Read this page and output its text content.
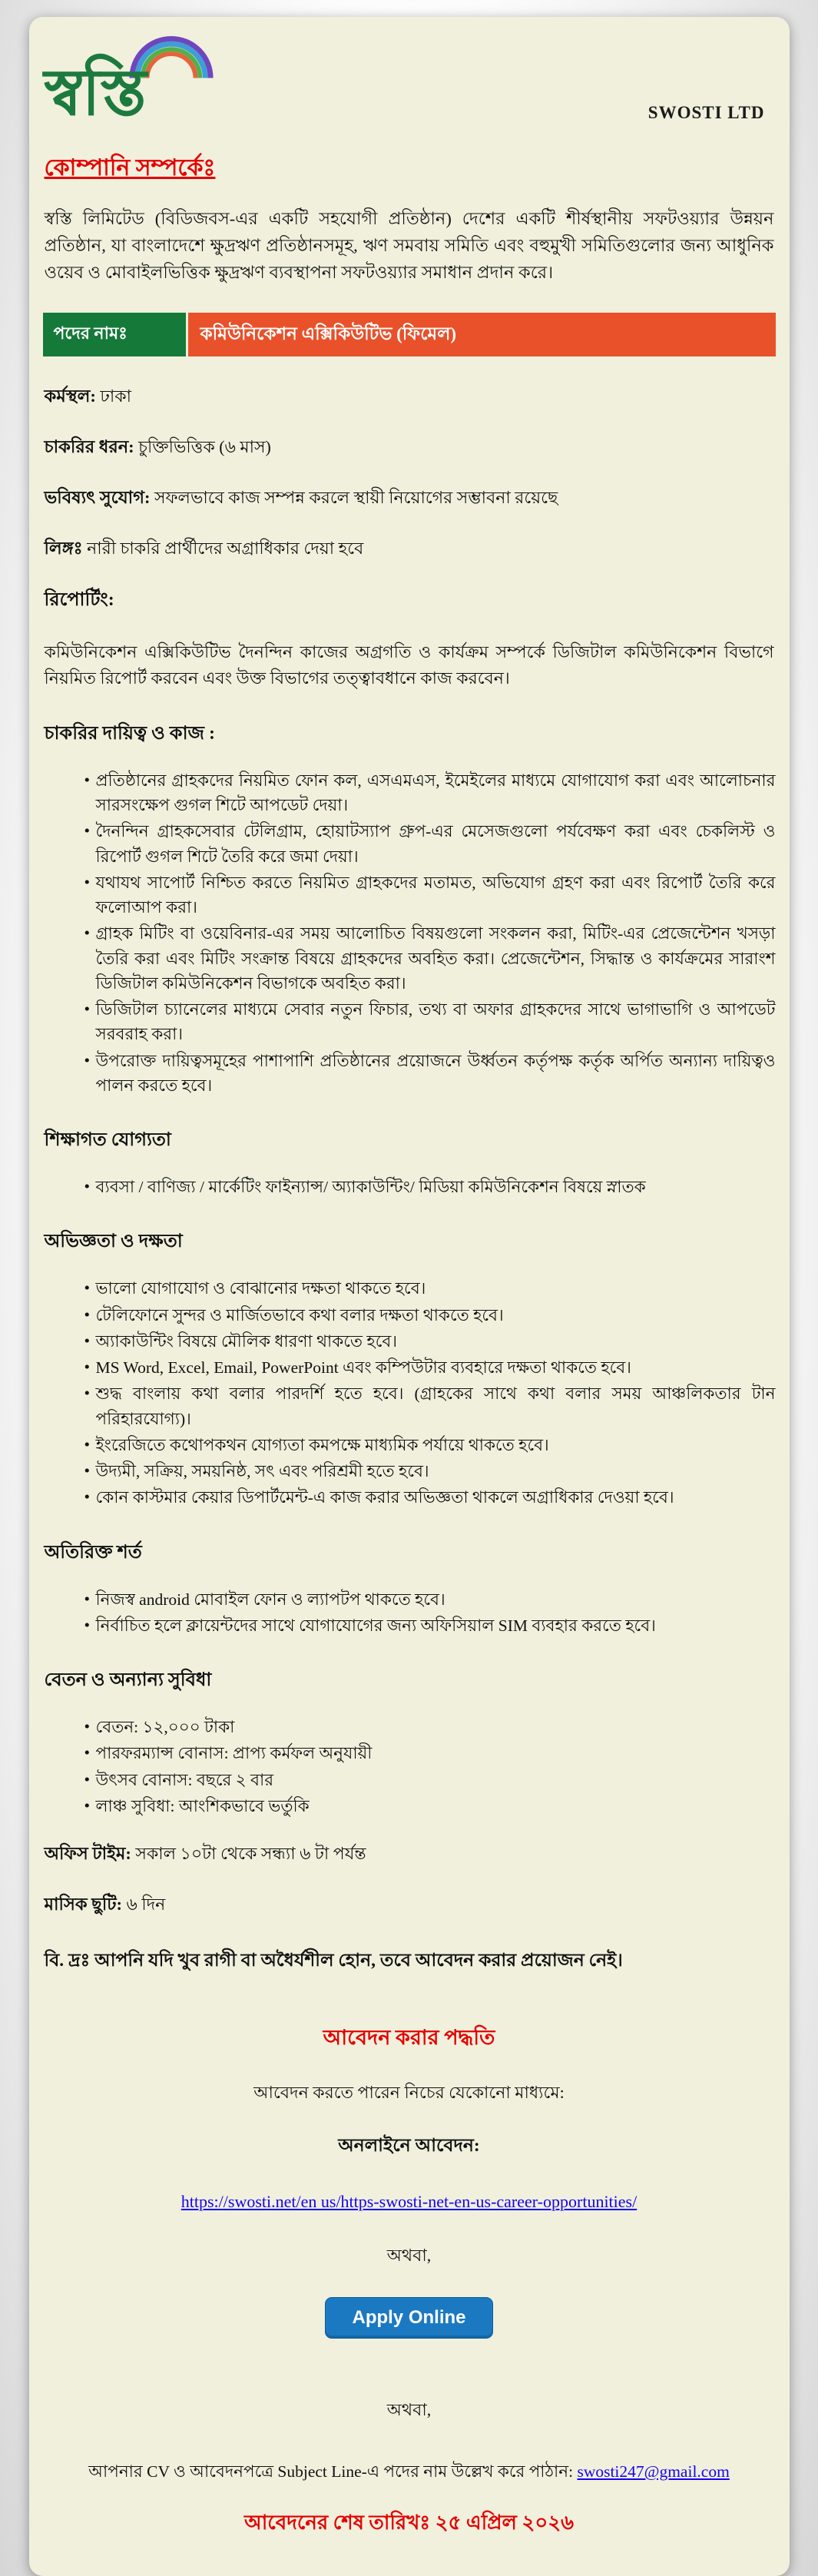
স্বস্তি	SWOSTI LTD
কোম্পানি সম্পর্কেঃ

স্বস্তি লিমিটেড (বিডিজবস-এর একটি সহযোগী প্রতিষ্ঠান) দেশের একটি শীর্ষস্থানীয় সফটওয়্যার উন্নয়ন প্রতিষ্ঠান, যা বাংলাদেশে ক্ষুদ্রঋণ প্রতিষ্ঠানসমূহ, ঋণ সমবায় সমিতি এবং বহুমুখী সমিতিগুলোর জন্য আধুনিক ওয়েব ও মোবাইলভিত্তিক ক্ষুদ্রঋণ ব্যবস্থাপনা সফটওয়্যার সমাধান প্রদান করে।

পদের নামঃ	কমিউনিকেশন এক্সিকিউটিভ (ফিমেল)
কর্মস্থল: ঢাকা
চাকরির ধরন: চুক্তিভিত্তিক (৬ মাস)
ভবিষ্যৎ সুযোগ: সফলভাবে কাজ সম্পন্ন করলে স্থায়ী নিয়োগের সম্ভাবনা রয়েছে
লিঙ্গঃ নারী চাকরি প্রার্থীদের অগ্রাধিকার দেয়া হবে
রিপোর্টিং:

কমিউনিকেশন এক্সিকিউটিভ দৈনন্দিন কাজের অগ্রগতি ও কার্যক্রম সম্পর্কে ডিজিটাল কমিউনিকেশন বিভাগে নিয়মিত রিপোর্ট করবেন এবং উক্ত বিভাগের তত্ত্বাবধানে কাজ করবেন।

চাকরির দায়িত্ব ও কাজ :
• প্রতিষ্ঠানের গ্রাহকদের নিয়মিত ফোন কল, এসএমএস, ইমেইলের মাধ্যমে যোগাযোগ করা এবং আলোচনার সারসংক্ষেপ গুগল শিটে আপডেট দেয়া।
• দৈনন্দিন গ্রাহকসেবার টেলিগ্রাম, হোয়াটস্যাপ গ্রুপ-এর মেসেজগুলো পর্যবেক্ষণ করা এবং চেকলিস্ট ও রিপোর্ট গুগল শিটে তৈরি করে জমা দেয়া।
• যথাযথ সাপোর্ট নিশ্চিত করতে নিয়মিত গ্রাহকদের মতামত, অভিযোগ গ্রহণ করা এবং রিপোর্ট তৈরি করে ফলোআপ করা।
• গ্রাহক মিটিং বা ওয়েবিনার-এর সময় আলোচিত বিষয়গুলো সংকলন করা, মিটিং-এর প্রেজেন্টেশন খসড়া তৈরি করা এবং মিটিং সংক্রান্ত বিষয়ে গ্রাহকদের অবহিত করা। প্রেজেন্টেশন, সিদ্ধান্ত ও কার্যক্রমের সারাংশ ডিজিটাল কমিউনিকেশন বিভাগকে অবহিত করা।
• ডিজিটাল চ্যানেলের মাধ্যমে সেবার নতুন ফিচার, তথ্য বা অফার গ্রাহকদের সাথে ভাগাভাগি ও আপডেট সরবরাহ করা।
• উপরোক্ত দায়িত্বসমূহের পাশাপাশি প্রতিষ্ঠানের প্রয়োজনে উর্ধ্বতন কর্তৃপক্ষ কর্তৃক অর্পিত অন্যান্য দায়িত্বও পালন করতে হবে।
শিক্ষাগত যোগ্যতা
• ব্যবসা / বাণিজ্য / মার্কেটিং ফাইন্যান্স/ অ্যাকাউন্টিং/ মিডিয়া কমিউনিকেশন বিষয়ে স্নাতক
অভিজ্ঞতা ও দক্ষতা
• ভালো যোগাযোগ ও বোঝানোর দক্ষতা থাকতে হবে।
• টেলিফোনে সুন্দর ও মার্জিতভাবে কথা বলার দক্ষতা থাকতে হবে।
• অ্যাকাউন্টিং বিষয়ে মৌলিক ধারণা থাকতে হবে।
• MS Word, Excel, Email, PowerPoint এবং কম্পিউটার ব্যবহারে দক্ষতা থাকতে হবে।
• শুদ্ধ বাংলায় কথা বলার পারদর্শি হতে হবে। (গ্রাহকের সাথে কথা বলার সময় আঞ্চলিকতার টান পরিহারযোগ্য)।
• ইংরেজিতে কথোপকথন যোগ্যতা কমপক্ষে মাধ্যমিক পর্যায়ে থাকতে হবে।
• উদ্যমী, সক্রিয়, সময়নিষ্ঠ, সৎ এবং পরিশ্রমী হতে হবে।
• কোন কাস্টমার কেয়ার ডিপার্টমেন্ট-এ কাজ করার অভিজ্ঞতা থাকলে অগ্রাধিকার দেওয়া হবে।
অতিরিক্ত শর্ত
• নিজস্ব android মোবাইল ফোন ও ল্যাপটপ থাকতে হবে।
• নির্বাচিত হলে ক্লায়েন্টদের সাথে যোগাযোগের জন্য অফিসিয়াল SIM ব্যবহার করতে হবে।
বেতন ও অন্যান্য সুবিধা
• বেতন: ১২,০০০ টাকা
• পারফরম্যান্স বোনাস: প্রাপ্য কর্মফল অনুযায়ী
• উৎসব বোনাস: বছরে ২ বার
• লাঞ্চ সুবিধা: আংশিকভাবে ভর্তুকি
অফিস টাইম: সকাল ১০টা থেকে সন্ধ্যা ৬ টা পর্যন্ত
মাসিক ছুটি: ৬ দিন

বি. দ্রঃ আপনি যদি খুব রাগী বা অধৈর্যশীল হোন, তবে আবেদন করার প্রয়োজন নেই।

আবেদন করার পদ্ধতি
আবেদন করতে পারেন নিচের যেকোনো মাধ্যমে:
অনলাইনে আবেদন:
https://swosti.net/en us/https-swosti-net-en-us-career-opportunities/
অথবা,
Apply Online
অথবা,
আপনার CV ও আবেদনপত্রে Subject Line-এ পদের নাম উল্লেখ করে পাঠান: swosti247@gmail.com
আবেদনের শেষ তারিখঃ ২৫ এপ্রিল ২০২৬
